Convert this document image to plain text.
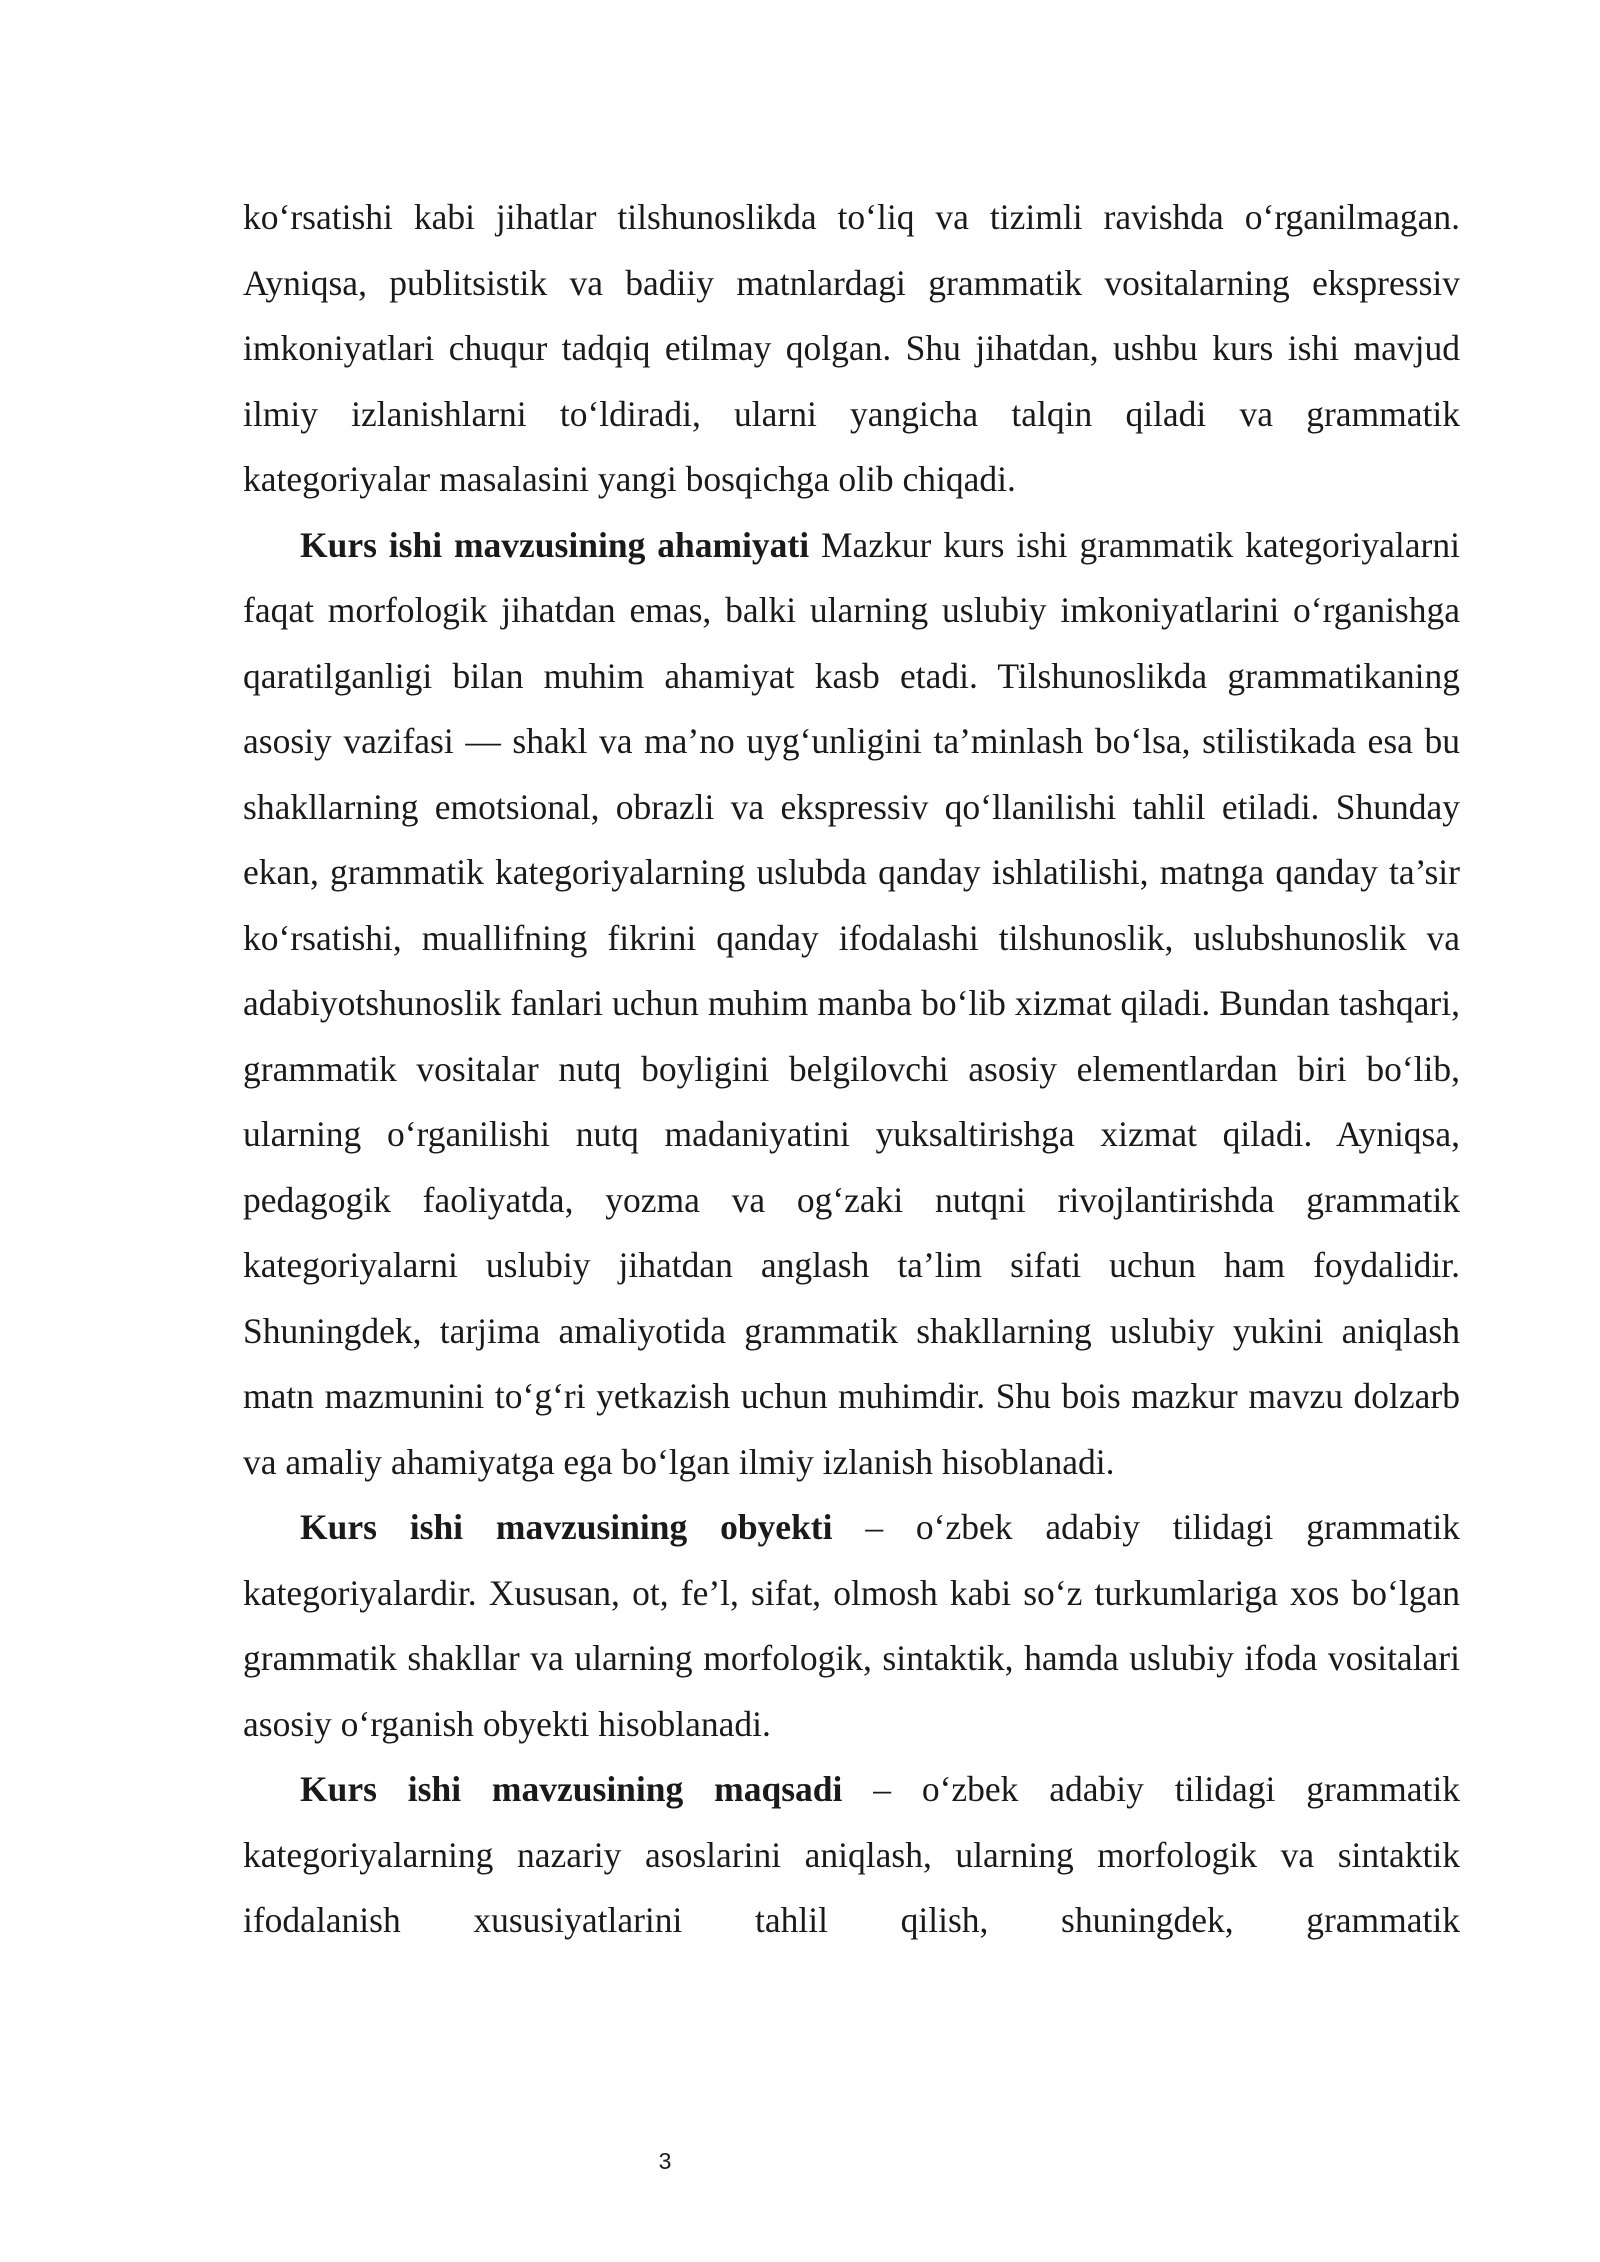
ko‘rsatishi kabi jihatlar tilshunoslikda to‘liq va tizimli ravishda o‘rganilmagan. Ayniqsa, publitsistik va badiiy matnlardagi grammatik vositalarning ekspressiv imkoniyatlari chuqur tadqiq etilmay qolgan. Shu jihatdan, ushbu kurs ishi mavjud ilmiy izlanishlarni to‘ldiradi, ularni yangicha talqin qiladi va grammatik kategoriyalar masalasini yangi bosqichga olib chiqadi.

Kurs ishi mavzusining ahamiyati Mazkur kurs ishi grammatik kategoriyalarni faqat morfologik jihatdan emas, balki ularning uslubiy imkoniyatlarini o‘rganishga qaratilganligi bilan muhim ahamiyat kasb etadi. Tilshunoslikda grammatikaning asosiy vazifasi — shakl va ma’no uyg‘unligini ta’minlash bo‘lsa, stilistikada esa bu shakllarning emotsional, obrazli va ekspressiv qo‘llanilishi tahlil etiladi. Shunday ekan, grammatik kategoriyalarning uslubda qanday ishlatilishi, matnga qanday ta’sir ko‘rsatishi, muallifning fikrini qanday ifodalashi tilshunoslik, uslubshunoslik va adabiyotshunoslik fanlari uchun muhim manba bo‘lib xizmat qiladi. Bundan tashqari, grammatik vositalar nutq boyligini belgilovchi asosiy elementlardan biri bo‘lib, ularning o‘rganilishi nutq madaniyatini yuksaltirishga xizmat qiladi. Ayniqsa, pedagogik faoliyatda, yozma va og‘zaki nutqni rivojlantirishda grammatik kategoriyalarni uslubiy jihatdan anglash ta’lim sifati uchun ham foydalidir. Shuningdek, tarjima amaliyotida grammatik shakllarning uslubiy yukini aniqlash matn mazmunini to‘g‘ri yetkazish uchun muhimdir. Shu bois mazkur mavzu dolzarb va amaliy ahamiyatga ega bo‘lgan ilmiy izlanish hisoblanadi.

Kurs ishi mavzusining obyekti – o‘zbek adabiy tilidagi grammatik kategoriyalardir. Xususan, ot, fe’l, sifat, olmosh kabi so‘z turkumlariga xos bo‘lgan grammatik shakllar va ularning morfologik, sintaktik, hamda uslubiy ifoda vositalari asosiy o‘rganish obyekti hisoblanadi.

Kurs ishi mavzusining maqsadi – o‘zbek adabiy tilidagi grammatik kategoriyalarning nazariy asoslarini aniqlash, ularning morfologik va sintaktik ifodalanish xususiyatlarini tahlil qilish, shuningdek, grammatik

3
